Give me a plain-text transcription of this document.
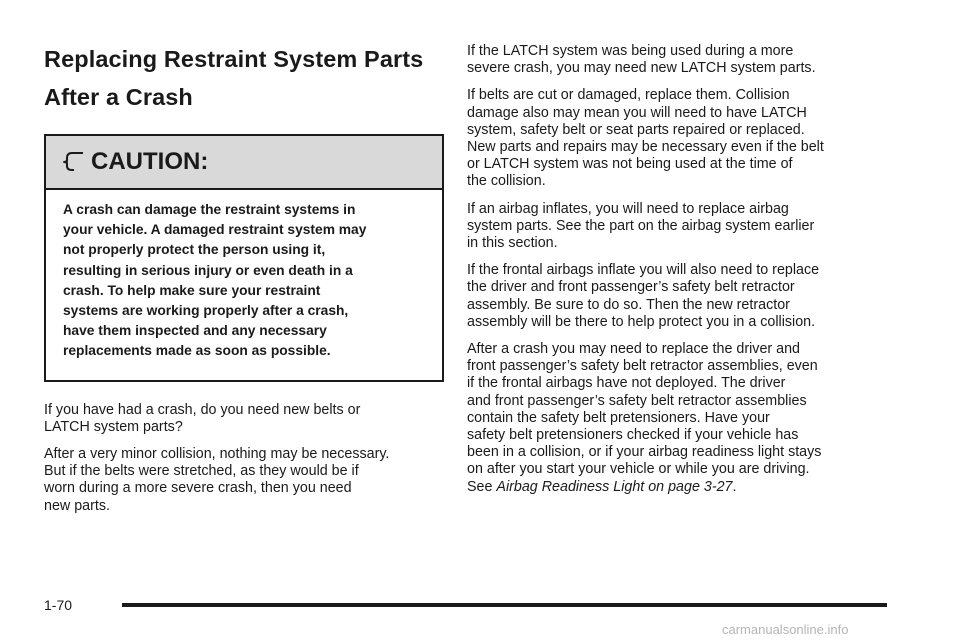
Replacing Restraint System Parts
After a Crash
CAUTION:
A crash can damage the restraint systems in
your vehicle. A damaged restraint system may
not properly protect the person using it,
resulting in serious injury or even death in a
crash. To help make sure your restraint
systems are working properly after a crash,
have them inspected and any necessary
replacements made as soon as possible.

If you have had a crash, do you need new belts or
LATCH system parts?

After a very minor collision, nothing may be necessary.
But if the belts were stretched, as they would be if
worn during a more severe crash, then you need
new parts.

If the LATCH system was being used during a more
severe crash, you may need new LATCH system parts.

If belts are cut or damaged, replace them. Collision
damage also may mean you will need to have LATCH
system, safety belt or seat parts repaired or replaced.
New parts and repairs may be necessary even if the belt
or LATCH system was not being used at the time of
the collision.

If an airbag inflates, you will need to replace airbag
system parts. See the part on the airbag system earlier
in this section.

If the frontal airbags inflate you will also need to replace
the driver and front passenger’s safety belt retractor
assembly. Be sure to do so. Then the new retractor
assembly will be there to help protect you in a collision.

After a crash you may need to replace the driver and
front passenger’s safety belt retractor assemblies, even
if the frontal airbags have not deployed. The driver
and front passenger’s safety belt retractor assemblies
contain the safety belt pretensioners. Have your
safety belt pretensioners checked if your vehicle has
been in a collision, or if your airbag readiness light stays
on after you start your vehicle or while you are driving.
See Airbag Readiness Light on page 3-27.

1-70
carmanualsonline.info
